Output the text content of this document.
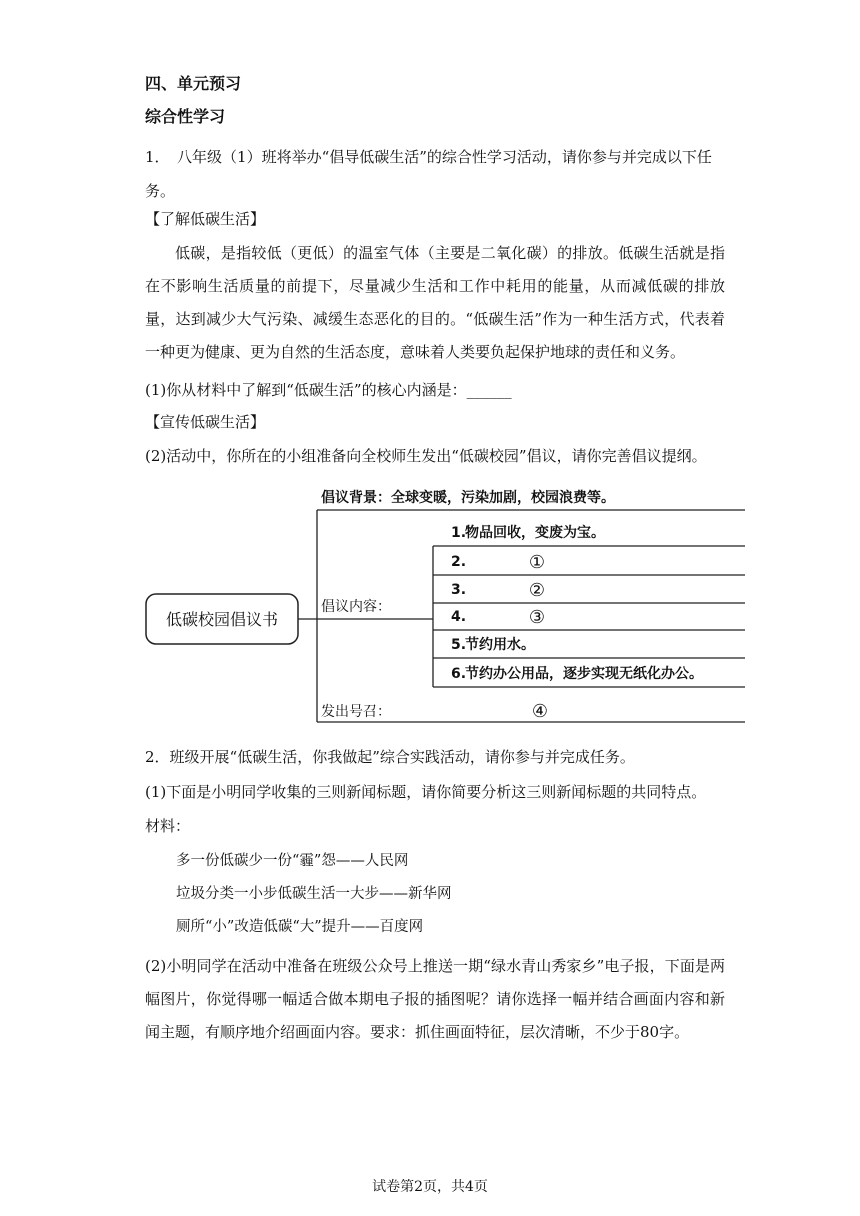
四、单元预习
综合性学习
1．　八年级（1）班将举办“倡导低碳生活”的综合性学习活动，请你参与并完成以下任务。
【了解低碳生活】
低碳，是指较低（更低）的温室气体（主要是二氧化碳）的排放。低碳生活就是指在不影响生活质量的前提下，尽量减少生活和工作中耗用的能量，从而减低碳的排放量，达到减少大气污染、减缓生态恶化的目的。“低碳生活”作为一种生活方式，代表着一种更为健康、更为自然的生活态度，意味着人类要负起保护地球的责任和义务。
(1)你从材料中了解到“低碳生活”的核心内涵是：______
【宣传低碳生活】
(2)活动中，你所在的小组准备向全校师生发出“低碳校园”倡议，请你完善倡议提纲。
低碳校园倡议书
倡议背景：全球变暖，污染加剧，校园浪费等。
倡议内容：
1.
物品回收，变废为宝。
2.
3.
4.
5.
节约用水。
6.
节约办公用品，逐步实现无纸化办公。
①
②
③
④
发出号召：
2．班级开展“低碳生活，你我做起”综合实践活动，请你参与并完成任务。
(1)下面是小明同学收集的三则新闻标题，请你简要分析这三则新闻标题的共同特点。
材料：
多一份低碳少一份“霾”怨——人民网
垃圾分类一小步低碳生活一大步——新华网
厕所“小”改造低碳“大”提升——百度网
(2)小明同学在活动中准备在班级公众号上推送一期“绿水青山秀家乡”电子报，下面是两幅图片，你觉得哪一幅适合做本期电子报的插图呢？请你选择一幅并结合画面内容和新闻主题，有顺序地介绍画面内容。要求：抓住画面特征，层次清晰，不少于80字。
试卷第2页，共4页
